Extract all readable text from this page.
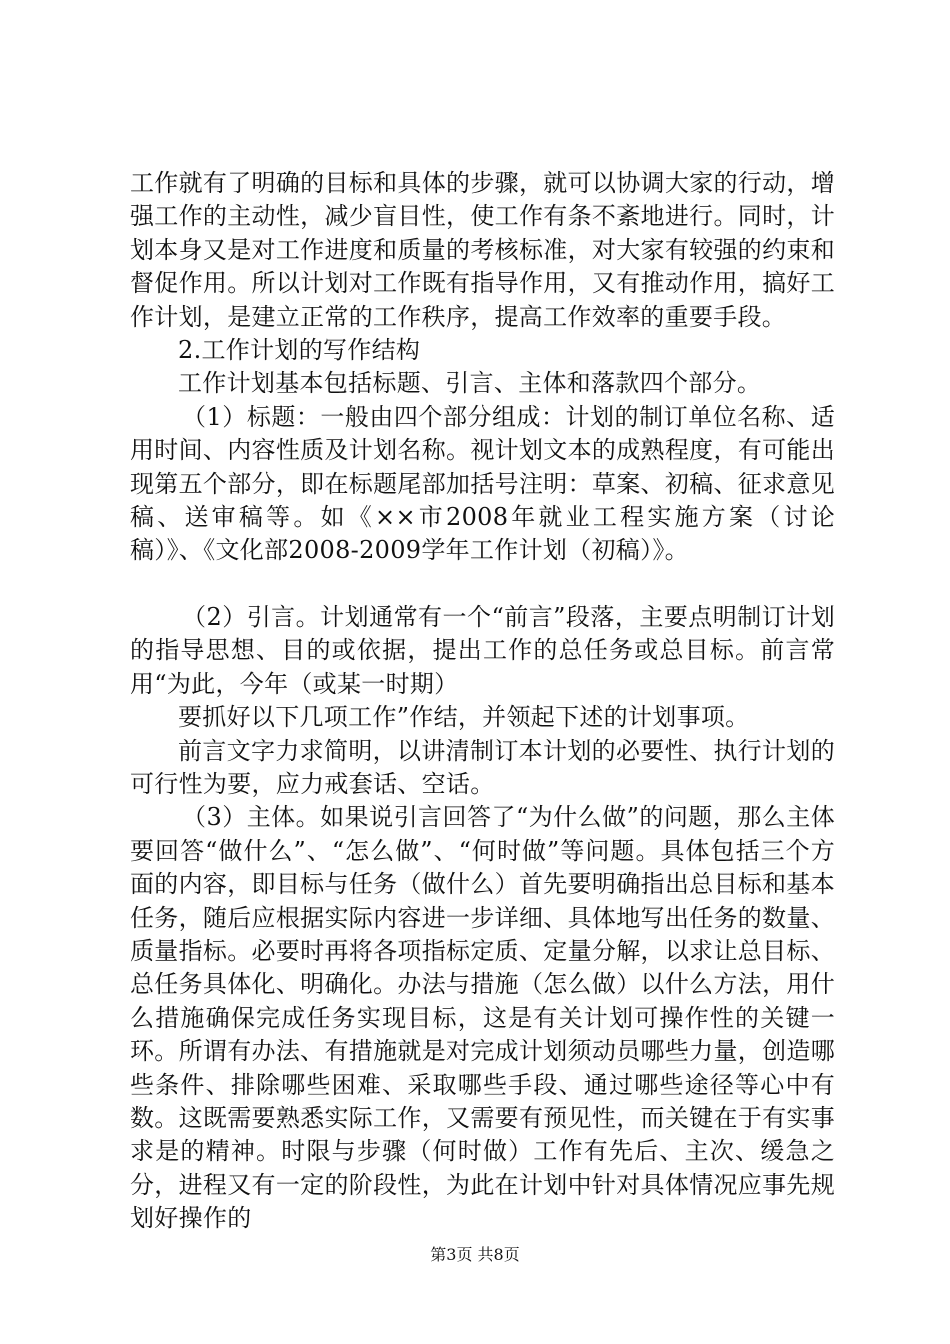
工作就有了明确的目标和具体的步骤，就可以协调大家的行动，增强工作的主动性，减少盲目性，使工作有条不紊地进行。同时，计划本身又是对工作进度和质量的考核标准，对大家有较强的约束和督促作用。所以计划对工作既有指导作用，又有推动作用，搞好工作计划，是建立正常的工作秩序，提高工作效率的重要手段。

2.工作计划的写作结构

工作计划基本包括标题、引言、主体和落款四个部分。

（1）标题：一般由四个部分组成：计划的制订单位名称、适用时间、内容性质及计划名称。视计划文本的成熟程度，有可能出现第五个部分，即在标题尾部加括号注明：草案、初稿、征求意见稿、送审稿等。如《××市2008年就业工程实施方案（讨论稿）》、《文化部2008-2009学年工作计划（初稿）》。

（2）引言。计划通常有一个“前言”段落，主要点明制订计划的指导思想、目的或依据，提出工作的总任务或总目标。前言常用“为此，今年（或某一时期）

要抓好以下几项工作”作结，并领起下述的计划事项。

前言文字力求简明，以讲清制订本计划的必要性、执行计划的可行性为要，应力戒套话、空话。

（3）主体。如果说引言回答了“为什么做”的问题，那么主体要回答“做什么”、“怎么做”、“何时做”等问题。具体包括三个方面的内容，即目标与任务（做什么）首先要明确指出总目标和基本任务，随后应根据实际内容进一步详细、具体地写出任务的数量、质量指标。必要时再将各项指标定质、定量分解，以求让总目标、总任务具体化、明确化。办法与措施（怎么做）以什么方法，用什么措施确保完成任务实现目标，这是有关计划可操作性的关键一环。所谓有办法、有措施就是对完成计划须动员哪些力量，创造哪些条件、排除哪些困难、采取哪些手段、通过哪些途径等心中有数。这既需要熟悉实际工作，又需要有预见性，而关键在于有实事求是的精神。时限与步骤（何时做）工作有先后、主次、缓急之分，进程又有一定的阶段性，为此在计划中针对具体情况应事先规划好操作的

第3页 共8页
